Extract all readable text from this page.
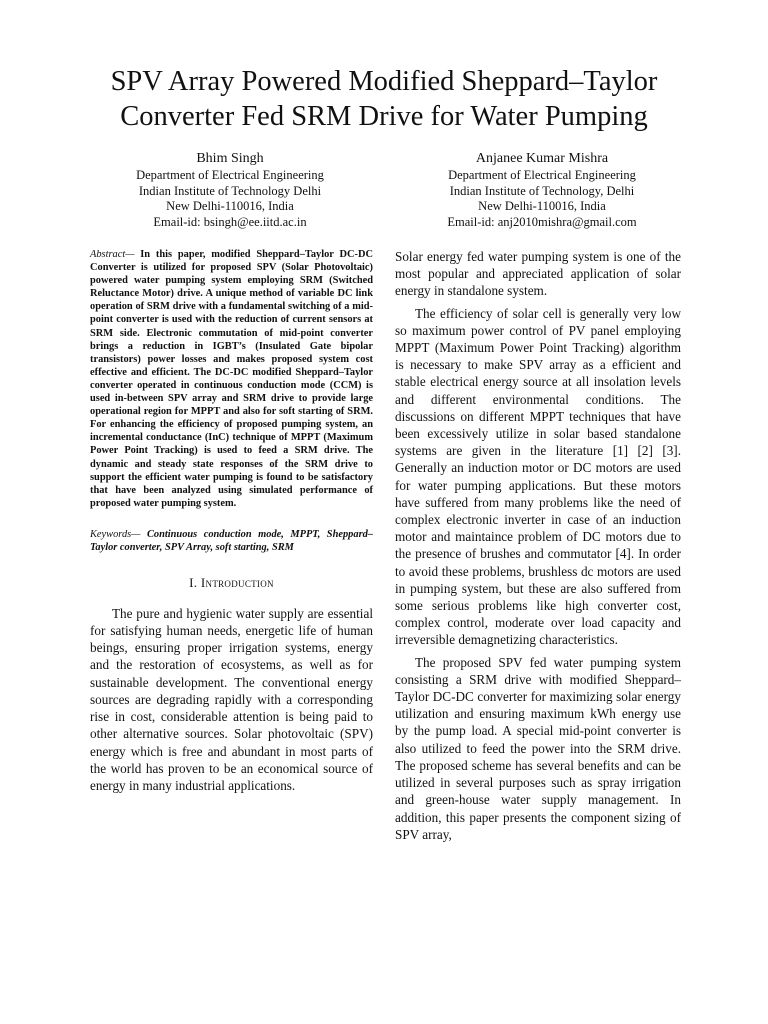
SPV Array Powered Modified Sheppard–Taylor Converter Fed SRM Drive for Water Pumping
Bhim Singh
Department of Electrical Engineering
Indian Institute of Technology Delhi
New Delhi-110016, India
Email-id: bsingh@ee.iitd.ac.in
Anjanee Kumar Mishra
Department of Electrical Engineering
Indian Institute of Technology, Delhi
New Delhi-110016, India
Email-id: anj2010mishra@gmail.com
Abstract— In this paper, modified Sheppard–Taylor DC-DC Converter is utilized for proposed SPV (Solar Photovoltaic) powered water pumping system employing SRM (Switched Reluctance Motor) drive. A unique method of variable DC link operation of SRM drive with a fundamental switching of a mid-point converter is used with the reduction of current sensors at SRM side. Electronic commutation of mid-point converter brings a reduction in IGBT’s (Insulated Gate bipolar transistors) power losses and makes proposed system cost effective and efficient. The DC-DC modified Sheppard–Taylor converter operated in continuous conduction mode (CCM) is used in-between SPV array and SRM drive to provide large operational region for MPPT and also for soft starting of SRM. For enhancing the efficiency of proposed pumping system, an incremental conductance (InC) technique of MPPT (Maximum Power Point Tracking) is used to feed a SRM drive. The dynamic and steady state responses of the SRM drive to support the efficient water pumping is found to be satisfactory that have been analyzed using simulated performance of proposed water pumping system.
Keywords— Continuous conduction mode, MPPT, Sheppard–Taylor converter, SPV Array, soft starting, SRM
I. Introduction

The pure and hygienic water supply are essential for satisfying human needs, energetic life of human beings, ensuring proper irrigation systems, energy and the restoration of ecosystems, as well as for sustainable development. The conventional energy sources are degrading rapidly with a corresponding rise in cost, considerable attention is being paid to other alternative sources. Solar photovoltaic (SPV) energy which is free and abundant in most parts of the world has proven to be an economical source of energy in many industrial applications.

Solar energy fed water pumping system is one of the most popular and appreciated application of solar energy in standalone system.

The efficiency of solar cell is generally very low so maximum power control of PV panel employing MPPT (Maximum Power Point Tracking) algorithm is necessary to make SPV array as a efficient and stable electrical energy source at all insolation levels and different environmental conditions. The discussions on different MPPT techniques that have been excessively utilize in solar based standalone systems are given in the literature [1] [2] [3]. Generally an induction motor or DC motors are used for water pumping applications. But these motors have suffered from many problems like the need of complex electronic inverter in case of an induction motor and maintaince problem of DC motors due to the presence of brushes and commutator [4]. In order to avoid these problems, brushless dc motors are used in pumping system, but these are also suffered from some serious problems like high converter cost, complex control, moderate over load capacity and irreversible demagnetizing characteristics.

The proposed SPV fed water pumping system consisting a SRM drive with modified Sheppard–Taylor DC-DC converter for maximizing solar energy utilization and ensuring maximum kWh energy use by the pump load. A special mid-point converter is also utilized to feed the power into the SRM drive. The proposed scheme has several benefits and can be utilized in several purposes such as spray irrigation and green-house water supply management. In addition, this paper presents the component sizing of SPV array,
